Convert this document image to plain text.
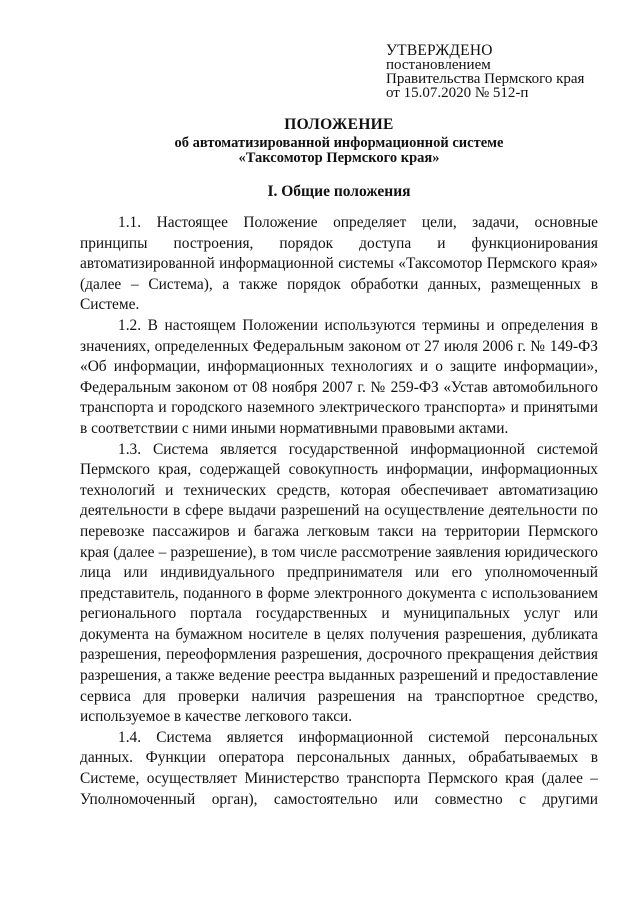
УТВЕРЖДЕНО
постановлением
Правительства Пермского края
от 15.07.2020 № 512-п
ПОЛОЖЕНИЕ
об автоматизированной информационной системе
«Таксомотор Пермского края»
I. Общие положения

1.1. Настоящее Положение определяет цели, задачи, основные принципы построения, порядок доступа и функционирования автоматизированной информационной системы «Таксомотор Пермского края» (далее – Система), а также порядок обработки данных, размещенных в Системе.

1.2. В настоящем Положении используются термины и определения в значениях, определенных Федеральным законом от 27 июля 2006 г. № 149-ФЗ «Об информации, информационных технологиях и о защите информации», Федеральным законом от 08 ноября 2007 г. № 259-ФЗ «Устав автомобильного транспорта и городского наземного электрического транспорта» и принятыми в соответствии с ними иными нормативными правовыми актами.

1.3. Система является государственной информационной системой Пермского края, содержащей совокупность информации, информационных технологий и технических средств, которая обеспечивает автоматизацию деятельности в сфере выдачи разрешений на осуществление деятельности по перевозке пассажиров и багажа легковым такси на территории Пермского края (далее – разрешение), в том числе рассмотрение заявления юридического лица или индивидуального предпринимателя или его уполномоченный представитель, поданного в форме электронного документа с использованием регионального портала государственных и муниципальных услуг или документа на бумажном носителе в целях получения разрешения, дубликата разрешения, переоформления разрешения, досрочного прекращения действия разрешения, а также ведение реестра выданных разрешений и предоставление сервиса для проверки наличия разрешения на транспортное средство, используемое в качестве легкового такси.

1.4. Система является информационной системой персональных данных. Функции оператора персональных данных, обрабатываемых в Системе, осуществляет Министерство транспорта Пермского края (далее – Уполномоченный орган), самостоятельно или совместно с другими
